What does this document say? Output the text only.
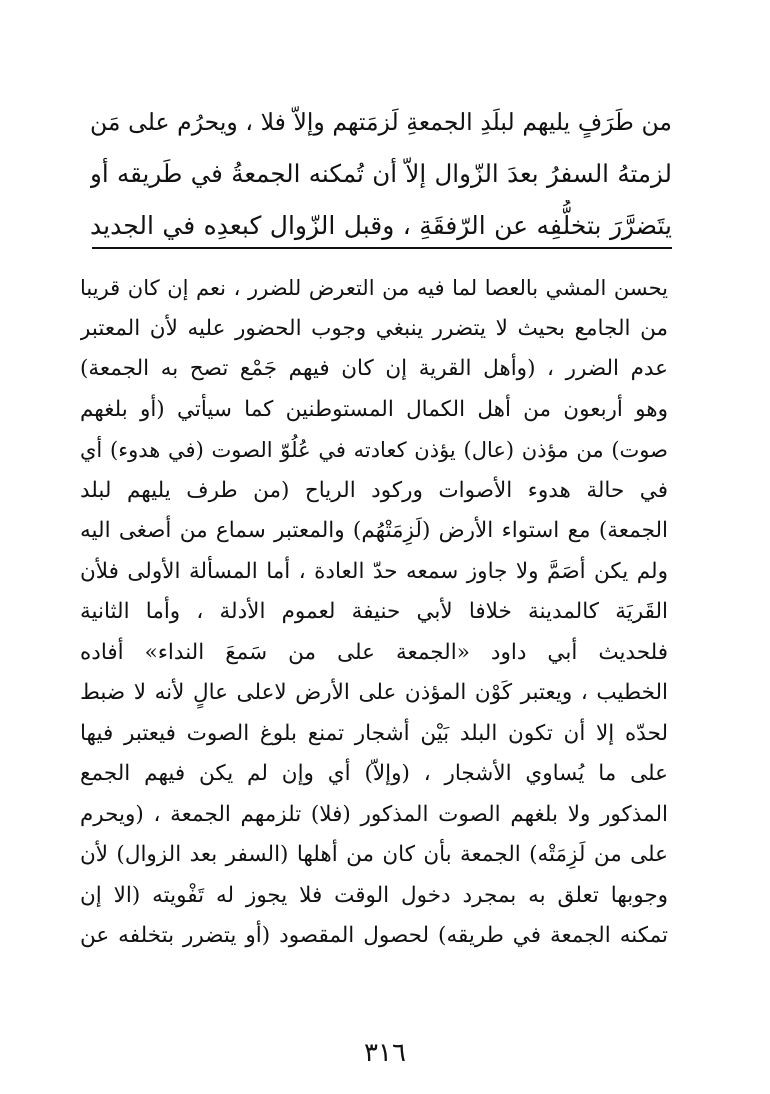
من طَرَفٍ يليهم لبلَدِ الجمعةِ لَزمَتهم وإلاّ فلا ، ويحرُم على مَن
لزمتهُ السفرُ بعدَ الزّوال إلاّ أن تُمكنه الجمعةُ في طَريقه أو
يتَضرَّرَ بتخلُّفِه عن الرّفقَةِ ، وقبل الزّوال كبعدِه في الجديد
يحسن المشي بالعصا لما فيه من التعرض للضرر ، نعم إن كان قريبا
من الجامع بحيث لا يتضرر ينبغي وجوب الحضور عليه لأن المعتبر
عدم الضرر ، (وأهل القرية إن كان فيهم جَمْع تصح به الجمعة)
وهو أربعون من أهل الكمال المستوطنين كما سيأتي (أو بلغهم
صوت) من مؤذن (عال) يؤذن كعادته في عُلُوّ الصوت (في هدوء) أي
في حالة هدوء الأصوات وركود الرياح (من طرف يليهم لبلد
الجمعة) مع استواء الأرض (لَزِمَتْهُم) والمعتبر سماع من أصغى اليه
ولم يكن أصَمَّ ولا جاوز سمعه حدّ العادة ، أما المسألة الأولى فلأن
القَريَة كالمدينة خلافا لأبي حنيفة لعموم الأدلة ، وأما الثانية
فلحديث أبي داود «الجمعة على من سَمعَ النداء» أفاده
الخطيب ، ويعتبر كَوْن المؤذن على الأرض لاعلى عالٍ لأنه لا ضبط
لحدّه إلا أن تكون البلد بَيْن أشجار تمنع بلوغ الصوت فيعتبر فيها
على ما يُساوي الأشجار ، (وإلاّ) أي وإن لم يكن فيهم الجمع
المذكور ولا بلغهم الصوت المذكور (فلا) تلزمهم الجمعة ، (ويحرم
على من لَزِمَتْه) الجمعة بأن كان من أهلها (السفر بعد الزوال) لأن
وجوبها تعلق به بمجرد دخول الوقت فلا يجوز له تَفْويته (الا إن
تمكنه الجمعة في طريقه) لحصول المقصود (أو يتضرر بتخلفه عن
٣١٦
